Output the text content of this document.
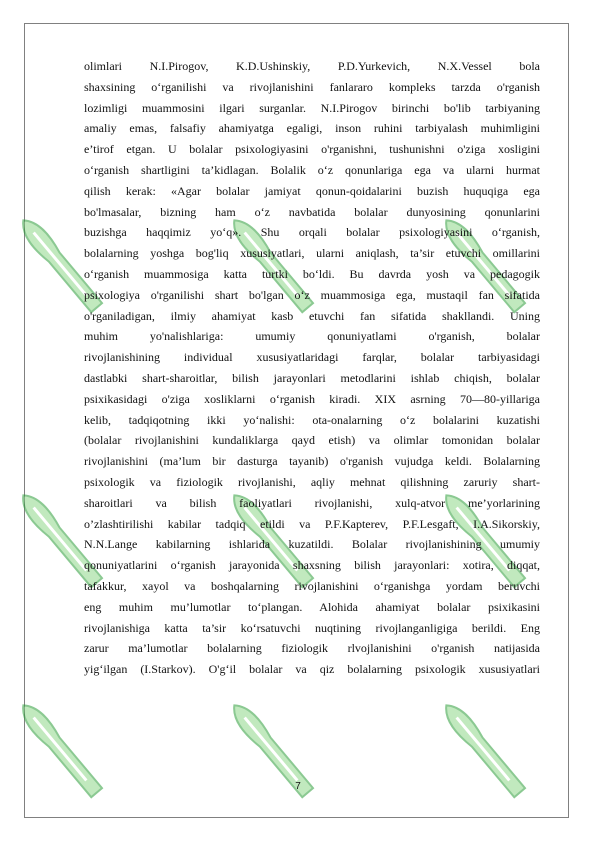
olimlari N.I.Pirogov, K.D.Ushinskiy, P.D.Yurkevich, N.X.Vessel bola
shaxsining o‘rganilishi va rivojlanishini fanlararo kompleks tarzda o'rganish
lozimligi muammosini ilgari surganlar. N.I.Pirogov birinchi bo'lib tarbiyaning
amaliy emas, falsafiy ahamiyatga egaligi, inson ruhini tarbiyalash muhimligini
e’tirof etgan. U bolalar psixologiyasini o'rganishni, tushunishni o'ziga xosligini
o‘rganish shartligini ta’kidlagan. Bolalik o‘z qonunlariga ega va ularni hurmat
qilish kerak: «Agar bolalar jamiyat qonun-qoidalarini buzish huquqiga ega
bo'lmasalar, bizning ham o‘z navbatida bolalar dunyosining qonunlarini
buzishga haqqimiz yo‘q». Shu orqali bolalar psixologiyasini o‘rganish,
bolalarning yoshga bog'liq xususiyatlari, ularni aniqlash, ta’sir etuvchi omillarini
o‘rganish muammosiga katta turtki bo‘ldi. Bu davrda yosh va pedagogik
psixologiya o'rganilishi shart bo'lgan o‘z muammosiga ega, mustaqil fan sifatida
o'rganiladigan, ilmiy ahamiyat kasb etuvchi fan sifatida shakllandi. Uning
muhim yo'nalishlariga: umumiy qonuniyatlami o'rganish, bolalar
rivojlanishining individual xususiyatlaridagi farqlar, bolalar tarbiyasidagi
dastlabki shart-sharoitlar, bilish jarayonlari metodlarini ishlab chiqish, bolalar
psixikasidagi o'ziga xosliklarni o‘rganish kiradi. XIX asrning 70—80-yillariga
kelib, tadqiqotning ikki yo‘nalishi: ota-onalarning o‘z bolalarini kuzatishi
(bolalar rivojlanishini kundaliklarga qayd etish) va olimlar tomonidan bolalar
rivojlanishini (ma’lum bir dasturga tayanib) o'rganish vujudga keldi. Bolalarning
psixologik va fiziologik rivojlanishi, aqliy mehnat qilishning zaruriy shart-
sharoitlari va bilish faoliyatlari rivojlanishi, xulq-atvor me’yorlarining
o’zlashtirilishi kabilar tadqiq etildi va P.F.Kapterev, P.F.Lesgaft, I.A.Sikorskiy,
N.N.Lange kabilarning ishlarida kuzatildi. Bolalar rivojlanishining umumiy
qonuniyatlarini o‘rganish jarayonida shaxsning bilish jarayonlari: xotira, diqqat,
tafakkur, xayol va boshqalarning rivojlanishini o‘rganishga yordam beruvchi
eng muhim mu’lumotlar to‘plangan. Alohida ahamiyat bolalar psixikasini
rivojlanishiga katta ta’sir ko‘rsatuvchi nuqtining rivojlanganligiga berildi. Eng
zarur ma’lumotlar bolalarning fiziologik rlvojlanishini o'rganish natijasida
yig‘ilgan (I.Starkov). O'g‘il bolalar va qiz bolalarning psixologik xususiyatlari
7
